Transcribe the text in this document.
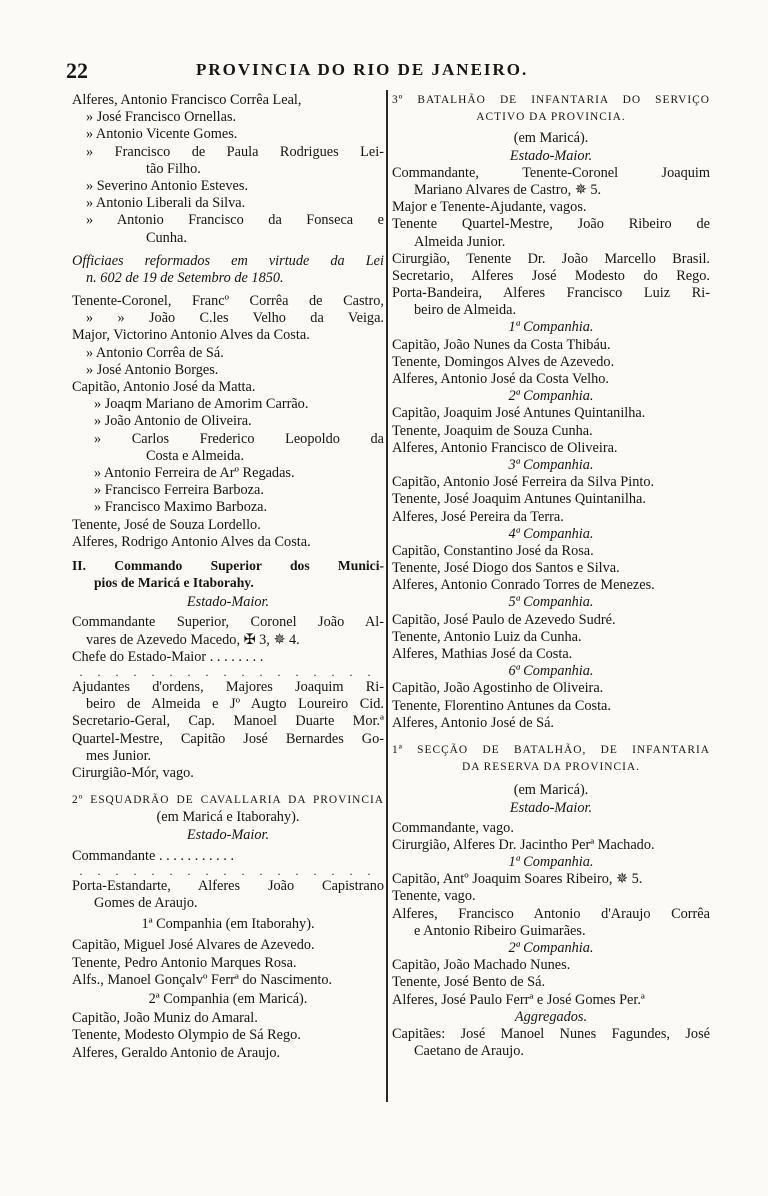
22	PROVINCIA DO RIO DE JANEIRO.
Alferes, Antonio Francisco Corrêa Leal,
» José Francisco Ornellas.
» Antonio Vicente Gomes.
» Francisco de Paula Rodrigues Lei-
tão Filho.
» Severino Antonio Esteves.
» Antonio Liberali da Silva.
» Antonio Francisco da Fonseca e
Cunha.
Officiaes reformados em virtude da Lei
n. 602 de 19 de Setembro de 1850.
Tenente-Coronel, Francº Corrêa de Castro,
» » João C.les Velho da Veiga.
Major, Victorino Antonio Alves da Costa.
» Antonio Corrêa de Sá.
» José Antonio Borges.
Capitão, Antonio José da Matta.
» Joaqm Mariano de Amorim Carrão.
» João Antonio de Oliveira.
» Carlos Frederico Leopoldo da
Costa e Almeida.
» Antonio Ferreira de Arº Regadas.
» Francisco Ferreira Barboza.
» Francisco Maximo Barboza.
Tenente, José de Souza Lordello.
Alferes, Rodrigo Antonio Alves da Costa.
II. Commando Superior dos Munici-
pios de Maricá e Itaborahy.
Estado-Maior.
Commandante Superior, Coronel João Al-
vares de Azevedo Macedo, ✠ 3, ✵ 4.
Chefe do Estado-Maior . . . . . . . .
. . . . . . . . . . . . . . . . .
Ajudantes d'ordens, Majores Joaquim Ri-
beiro de Almeida e Jº Augto Loureiro Cid.
Secretario-Geral, Cap. Manoel Duarte Mor.ª
Quartel-Mestre, Capitão José Bernardes Go-
mes Junior.
Cirurgião-Mór, vago.
2º ESQUADRÃO DE CAVALLARIA DA PROVINCIA
(em Maricá e Itaborahy).
Estado-Maior.
Commandante . . . . . . . . . . .
. . . . . . . . . . . . . . . . .
Porta-Estandarte, Alferes João Capistrano
Gomes de Araujo.
1ª Companhia (em Itaborahy).
Capitão, Miguel José Alvares de Azevedo.
Tenente, Pedro Antonio Marques Rosa.
Alfs., Manoel Gonçalvº Ferrª do Nascimento.
2ª Companhia (em Maricá).
Capitão, João Muniz do Amaral.
Tenente, Modesto Olympio de Sá Rego.
Alferes, Geraldo Antonio de Araujo.
3º BATALHÃO DE INFANTARIA DO SERVIÇO
ACTIVO DA PROVINCIA.
(em Maricá).
Estado-Maior.
Commandante, Tenente-Coronel Joaquim
Mariano Alvares de Castro, ✵ 5.
Major e Tenente-Ajudante, vagos.
Tenente Quartel-Mestre, João Ribeiro de
Almeida Junior.
Cirurgião, Tenente Dr. João Marcello Brasil.
Secretario, Alferes José Modesto do Rego.
Porta-Bandeira, Alferes Francisco Luiz Ri-
beiro de Almeida.
1ª Companhia.
Capitão, João Nunes da Costa Thibáu.
Tenente, Domingos Alves de Azevedo.
Alferes, Antonio José da Costa Velho.
2ª Companhia.
Capitão, Joaquim José Antunes Quintanilha.
Tenente, Joaquim de Souza Cunha.
Alferes, Antonio Francisco de Oliveira.
3ª Companhia.
Capitão, Antonio José Ferreira da Silva Pinto.
Tenente, José Joaquim Antunes Quintanilha.
Alferes, José Pereira da Terra.
4ª Companhia.
Capitão, Constantino José da Rosa.
Tenente, José Diogo dos Santos e Silva.
Alferes, Antonio Conrado Torres de Menezes.
5ª Companhia.
Capitão, José Paulo de Azevedo Sudré.
Tenente, Antonio Luiz da Cunha.
Alferes, Mathias José da Costa.
6ª Companhia.
Capitão, João Agostinho de Oliveira.
Tenente, Florentino Antunes da Costa.
Alferes, Antonio José de Sá.
1ª SECÇÃO DE BATALHÃO, DE INFANTARIA
DA RESERVA DA PROVINCIA.
(em Maricá).
Estado-Maior.
Commandante, vago.
Cirurgião, Alferes Dr. Jacintho Perª Machado.
1ª Companhia.
Capitão, Antº Joaquim Soares Ribeiro, ✵ 5.
Tenente, vago.
Alferes, Francisco Antonio d'Araujo Corrêa
e Antonio Ribeiro Guimarães.
2ª Companhia.
Capitão, João Machado Nunes.
Tenente, José Bento de Sá.
Alferes, José Paulo Ferrª e José Gomes Per.ª
Aggregados.
Capitães: José Manoel Nunes Fagundes, José
Caetano de Araujo.
